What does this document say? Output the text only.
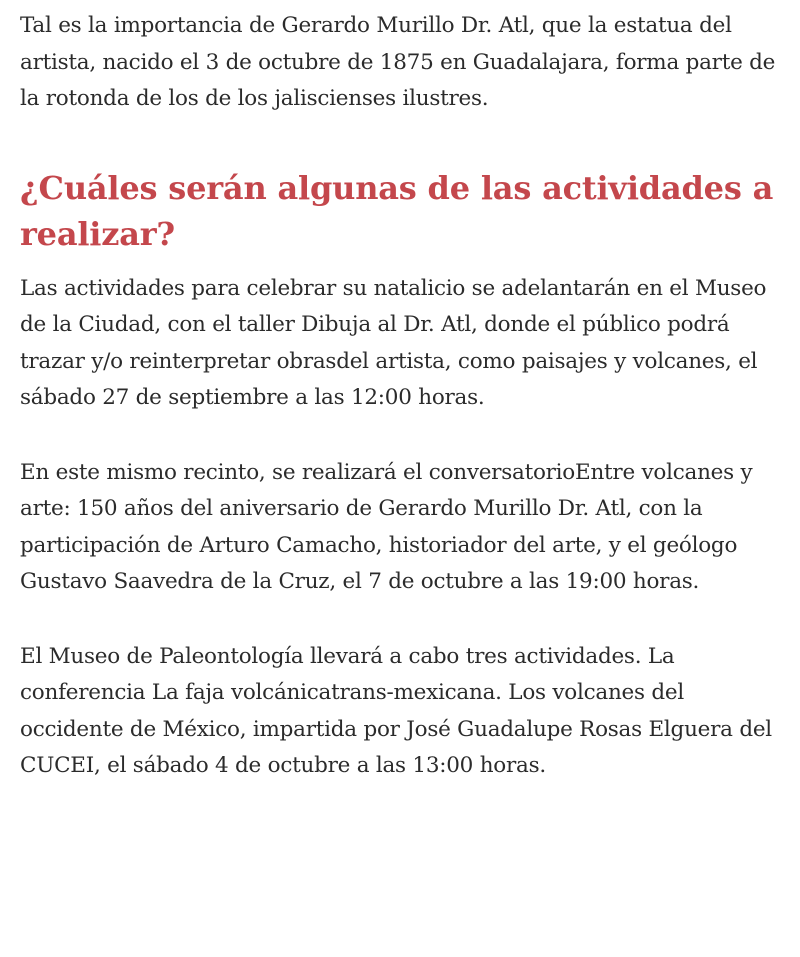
Tal es la importancia de Gerardo Murillo Dr. Atl, que la estatua del artista, nacido el 3 de octubre de 1875 en Guadalajara, forma parte de la rotonda de los de los jaliscienses ilustres.

¿Cuáles serán algunas de las actividades a realizar?

Las actividades para celebrar su natalicio se adelantarán en el Museo de la Ciudad, con el taller Dibuja al Dr. Atl, donde el público podrá trazar y/o reinterpretar obrasdel artista, como paisajes y volcanes, el sábado 27 de septiembre a las 12:00 horas.

En este mismo recinto, se realizará el conversatorioEntre volcanes y arte: 150 años del aniversario de Gerardo Murillo Dr. Atl, con la participación de Arturo Camacho, historiador del arte, y el geólogo Gustavo Saavedra de la Cruz, el 7 de octubre a las 19:00 horas.

El Museo de Paleontología llevará a cabo tres actividades. La conferencia La faja volcánicatrans-mexicana. Los volcanes del occidente de México, impartida por José Guadalupe Rosas Elguera del CUCEI, el sábado 4 de octubre a las 13:00 horas.
